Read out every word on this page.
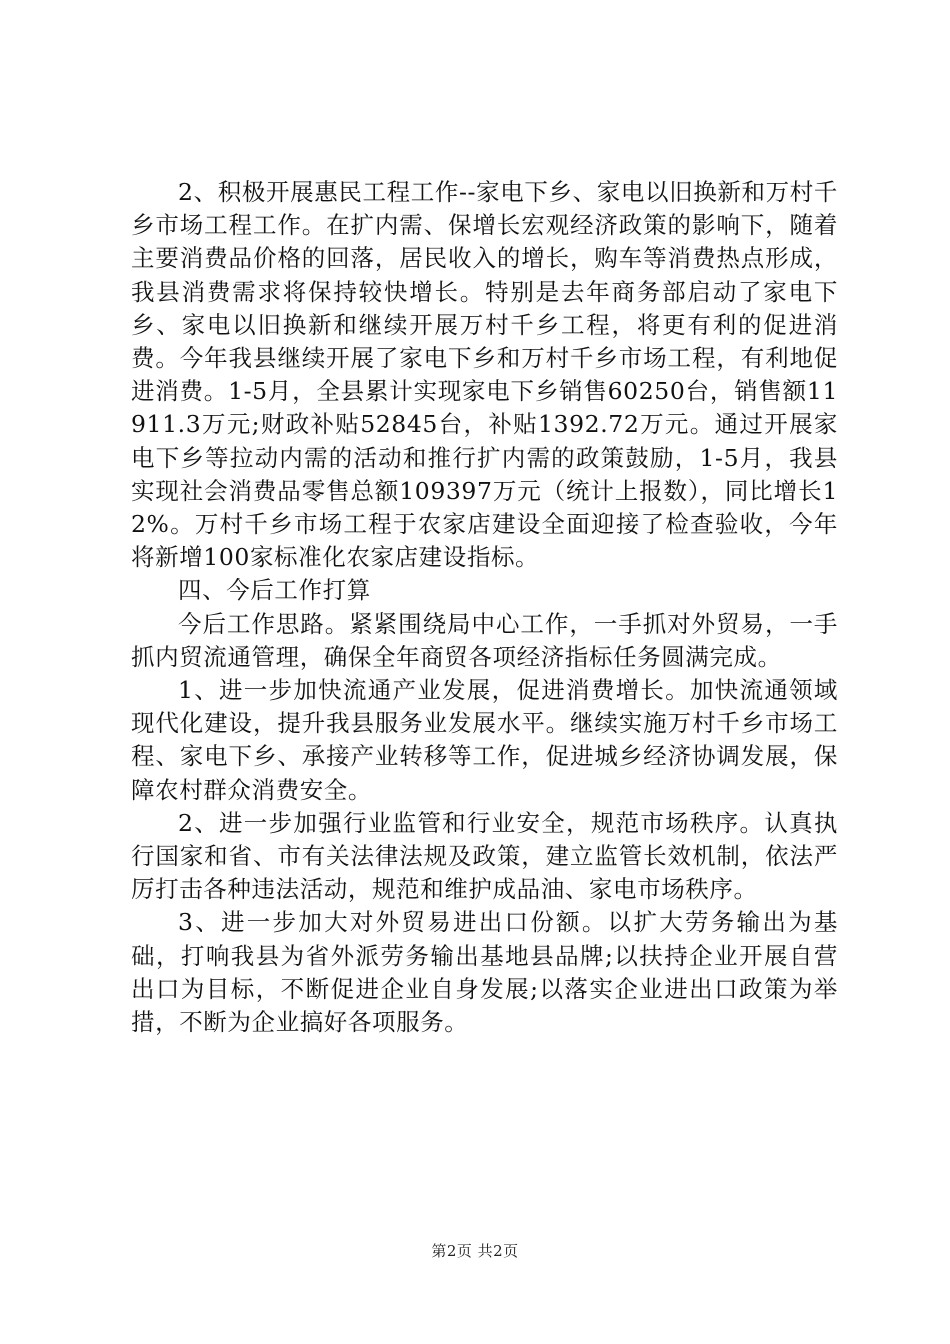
2、积极开展惠民工程工作--家电下乡、家电以旧换新和万村千乡市场工程工作。在扩内需、保增长宏观经济政策的影响下，随着主要消费品价格的回落，居民收入的增长，购车等消费热点形成，我县消费需求将保持较快增长。特别是去年商务部启动了家电下乡、家电以旧换新和继续开展万村千乡工程，将更有利的促进消费。今年我县继续开展了家电下乡和万村千乡市场工程，有利地促进消费。1-5月，全县累计实现家电下乡销售60250台，销售额11911.3万元;财政补贴52845台，补贴1392.72万元。通过开展家电下乡等拉动内需的活动和推行扩内需的政策鼓励，1-5月，我县实现社会消费品零售总额109397万元（统计上报数），同比增长12%。万村千乡市场工程于农家店建设全面迎接了检查验收，今年将新增100家标准化农家店建设指标。

四、今后工作打算

今后工作思路。紧紧围绕局中心工作，一手抓对外贸易，一手抓内贸流通管理，确保全年商贸各项经济指标任务圆满完成。

1、进一步加快流通产业发展，促进消费增长。加快流通领域现代化建设，提升我县服务业发展水平。继续实施万村千乡市场工程、家电下乡、承接产业转移等工作，促进城乡经济协调发展，保障农村群众消费安全。

2、进一步加强行业监管和行业安全，规范市场秩序。认真执行国家和省、市有关法律法规及政策，建立监管长效机制，依法严厉打击各种违法活动，规范和维护成品油、家电市场秩序。

3、进一步加大对外贸易进出口份额。以扩大劳务输出为基础，打响我县为省外派劳务输出基地县品牌;以扶持企业开展自营出口为目标，不断促进企业自身发展;以落实企业进出口政策为举措，不断为企业搞好各项服务。

第2页 共2页
